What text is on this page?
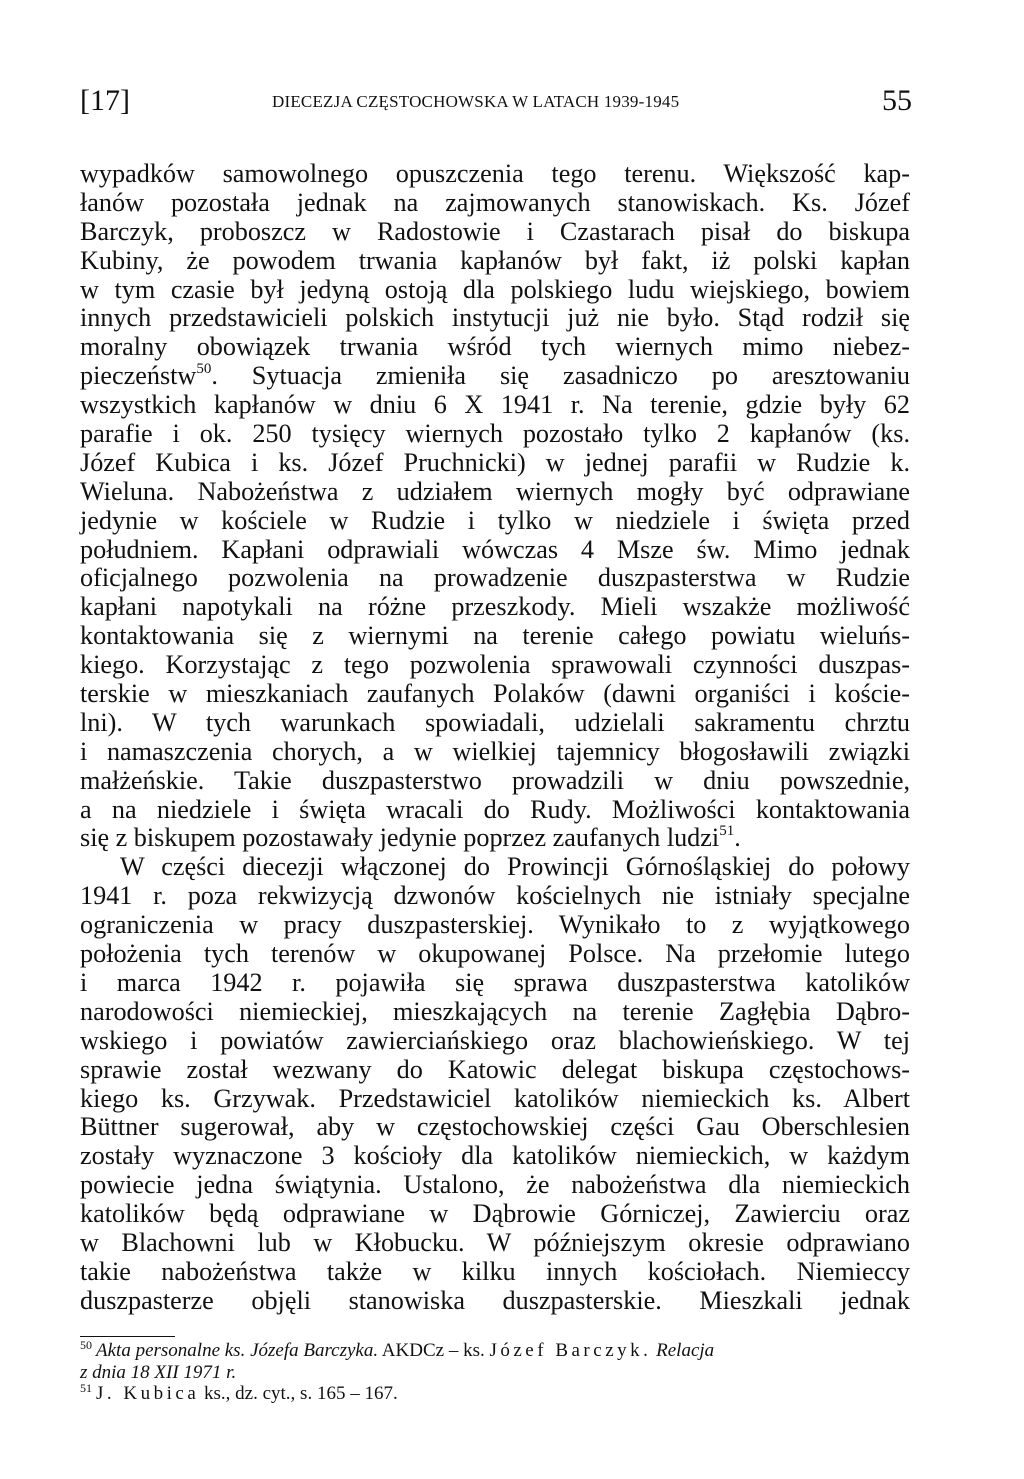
[17]	DIECEZJA CZĘSTOCHOWSKA W LATACH 1939-1945	55
wypadków samowolnego opuszczenia tego terenu. Większość kap-
łanów pozostała jednak na zajmowanych stanowiskach. Ks. Józef
Barczyk, proboszcz w Radostowie i Czastarach pisał do biskupa
Kubiny, że powodem trwania kapłanów był fakt, iż polski kapłan
w tym czasie był jedyną ostoją dla polskiego ludu wiejskiego, bowiem
innych przedstawicieli polskich instytucji już nie było. Stąd rodził się
moralny obowiązek trwania wśród tych wiernych mimo niebez-
pieczeństw$^{50}$. Sytuacja zmieniła się zasadniczo po aresztowaniu
wszystkich kapłanów w dniu 6 X 1941 r. Na terenie, gdzie były 62
parafie i ok. 250 tysięcy wiernych pozostało tylko 2 kapłanów (ks.
Józef Kubica i ks. Józef Pruchnicki) w jednej parafii w Rudzie k.
Wieluna. Nabożeństwa z udziałem wiernych mogły być odprawiane
jedynie w kościele w Rudzie i tylko w niedziele i święta przed
południem. Kapłani odprawiali wówczas 4 Msze św. Mimo jednak
oficjalnego pozwolenia na prowadzenie duszpasterstwa w Rudzie
kapłani napotykali na różne przeszkody. Mieli wszakże możliwość
kontaktowania się z wiernymi na terenie całego powiatu wieluńs-
kiego. Korzystając z tego pozwolenia sprawowali czynności duszpas-
terskie w mieszkaniach zaufanych Polaków (dawni organiści i koście-
lni). W tych warunkach spowiadali, udzielali sakramentu chrztu
i namaszczenia chorych, a w wielkiej tajemnicy błogosławili związki
małżeńskie. Takie duszpasterstwo prowadzili w dniu powszednie,
a na niedziele i święta wracali do Rudy. Możliwości kontaktowania
się z biskupem pozostawały jedynie poprzez zaufanych ludzi$^{51}$.
W części diecezji włączonej do Prowincji Górnośląskiej do połowy
1941 r. poza rekwizycją dzwonów kościelnych nie istniały specjalne
ograniczenia w pracy duszpasterskiej. Wynikało to z wyjątkowego
położenia tych terenów w okupowanej Polsce. Na przełomie lutego
i marca 1942 r. pojawiła się sprawa duszpasterstwa katolików
narodowości niemieckiej, mieszkających na terenie Zagłębia Dąbro-
wskiego i powiatów zawierciańskiego oraz blachowieńskiego. W tej
sprawie został wezwany do Katowic delegat biskupa częstochows-
kiego ks. Grzywak. Przedstawiciel katolików niemieckich ks. Albert
Büttner sugerował, aby w częstochowskiej części Gau Oberschlesien
zostały wyznaczone 3 kościoły dla katolików niemieckich, w każdym
powiecie jedna świątynia. Ustalono, że nabożeństwa dla niemieckich
katolików będą odprawiane w Dąbrowie Górniczej, Zawierciu oraz
w Blachowni lub w Kłobucku. W późniejszym okresie odprawiano
takie nabożeństwa także w kilku innych kościołach. Niemieccy
duszpasterze objęli stanowiska duszpasterskie. Mieszkali jednak
$^{50}$ Akta personalne ks. Józefa Barczyka. AKDCz – ks. Józef Barczyk. Relacja
z dnia 18 XII 1971 r.
$^{51}$ J. Kubica ks., dz. cyt., s. 165 – 167.
